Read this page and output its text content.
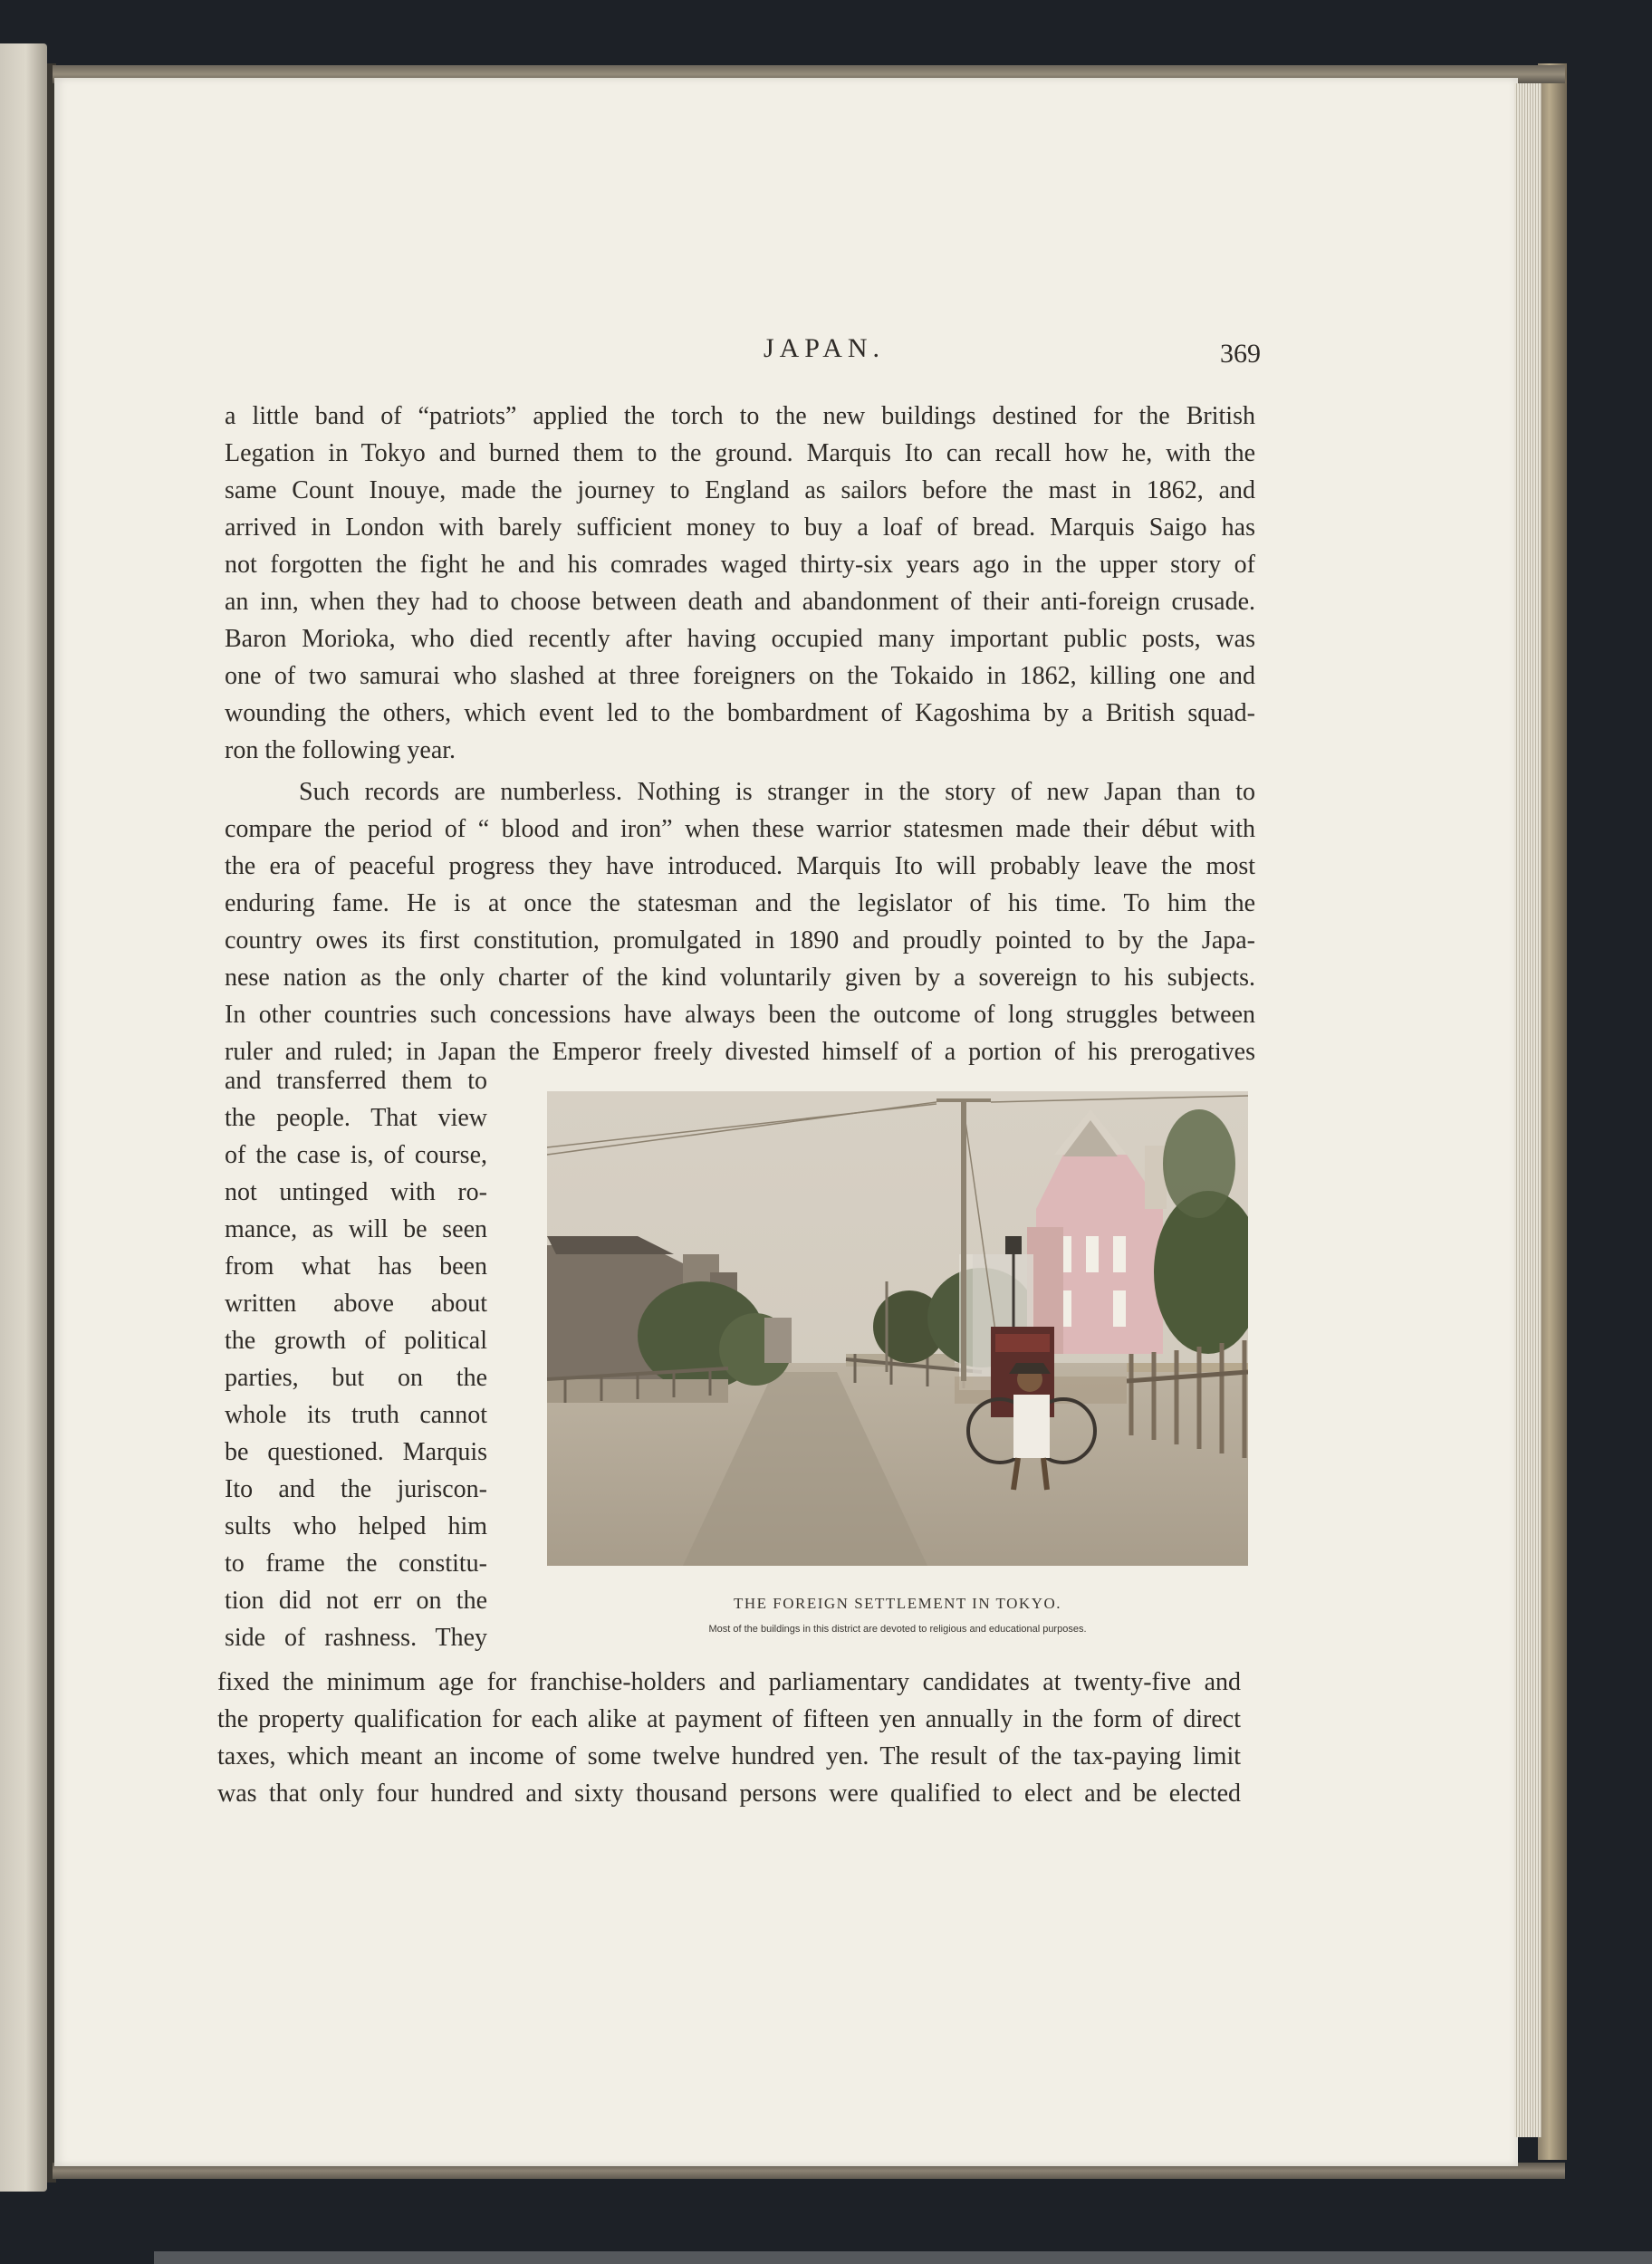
JAPAN.	369
a little band of “patriots” applied the torch to the new buildings destined for the British
Legation in Tokyo and burned them to the ground. Marquis Ito can recall how he, with the
same Count Inouye, made the journey to England as sailors before the mast in 1862, and
arrived in London with barely sufficient money to buy a loaf of bread. Marquis Saigo has
not forgotten the fight he and his comrades waged thirty-six years ago in the upper story of
an inn, when they had to choose between death and abandonment of their anti-foreign crusade.
Baron Morioka, who died recently after having occupied many important public posts, was
one of two samurai who slashed at three foreigners on the Tokaido in 1862, killing one and
wounding the others, which event led to the bombardment of Kagoshima by a British squad-
ron the following year.
Such records are numberless. Nothing is stranger in the story of new Japan than to
compare the period of “ blood and iron” when these warrior statesmen made their début with
the era of peaceful progress they have introduced. Marquis Ito will probably leave the most
enduring fame. He is at once the statesman and the legislator of his time. To him the
country owes its first constitution, promulgated in 1890 and proudly pointed to by the Japa-
nese nation as the only charter of the kind voluntarily given by a sovereign to his subjects.
In other countries such concessions have always been the outcome of long struggles between
ruler and ruled; in Japan the Emperor freely divested himself of a portion of his prerogatives
and transferred them to
the people. That view
of the case is, of course,
not untinged with ro-
mance, as will be seen
from what has been
written above about
the growth of political
parties, but on the
whole its truth cannot
be questioned. Marquis
Ito and the juriscon-
sults who helped him
to frame the constitu-
tion did not err on the
side of rashness. They
fixed the minimum age for franchise-holders and parliamentary candidates at twenty-five and
the property qualification for each alike at payment of fifteen yen annually in the form of direct
taxes, which meant an income of some twelve hundred yen. The result of the tax-paying limit
was that only four hundred and sixty thousand persons were qualified to elect and be elected
THE FOREIGN SETTLEMENT IN TOKYO.
Most of the buildings in this district are devoted to religious and educational purposes.
